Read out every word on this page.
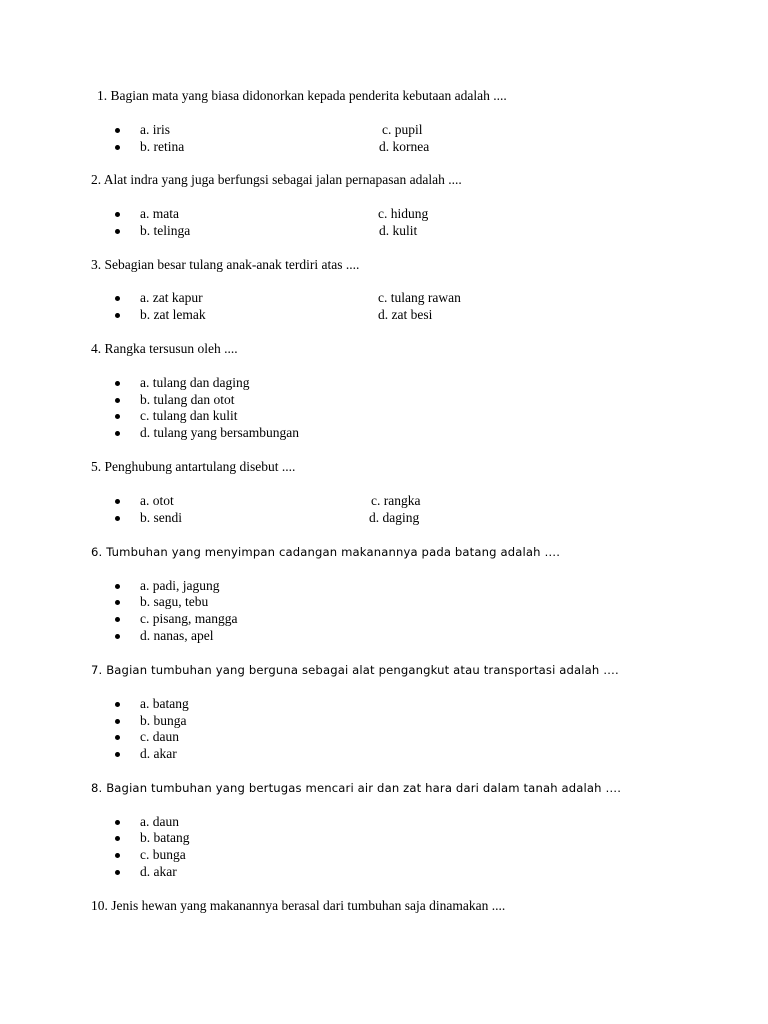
1. Bagian mata yang biasa didonorkan kepada penderita kebutaan adalah ....
a. iris	c. pupil
b. retina	d. kornea
2. Alat indra yang juga berfungsi sebagai jalan pernapasan adalah ....
a. mata	c. hidung
b. telinga	d. kulit
3. Sebagian besar tulang anak-anak terdiri atas ....
a. zat kapur	c. tulang rawan
b. zat lemak	d. zat besi
4. Rangka tersusun oleh ....
a. tulang dan daging
b. tulang dan otot
c. tulang dan kulit
d. tulang yang bersambungan
5. Penghubung antartulang disebut ....
a. otot	c. rangka
b. sendi	d. daging
6. Tumbuhan yang menyimpan cadangan makanannya pada batang adalah ….
a. padi, jagung
b. sagu, tebu
c. pisang, mangga
d. nanas, apel
7. Bagian tumbuhan yang berguna sebagai alat pengangkut atau transportasi adalah ….
a. batang
b. bunga
c. daun
d. akar
8. Bagian tumbuhan yang bertugas mencari air dan zat hara dari dalam tanah adalah ….
a. daun
b. batang
c. bunga
d. akar
10. Jenis hewan yang makanannya berasal dari tumbuhan saja dinamakan ....
